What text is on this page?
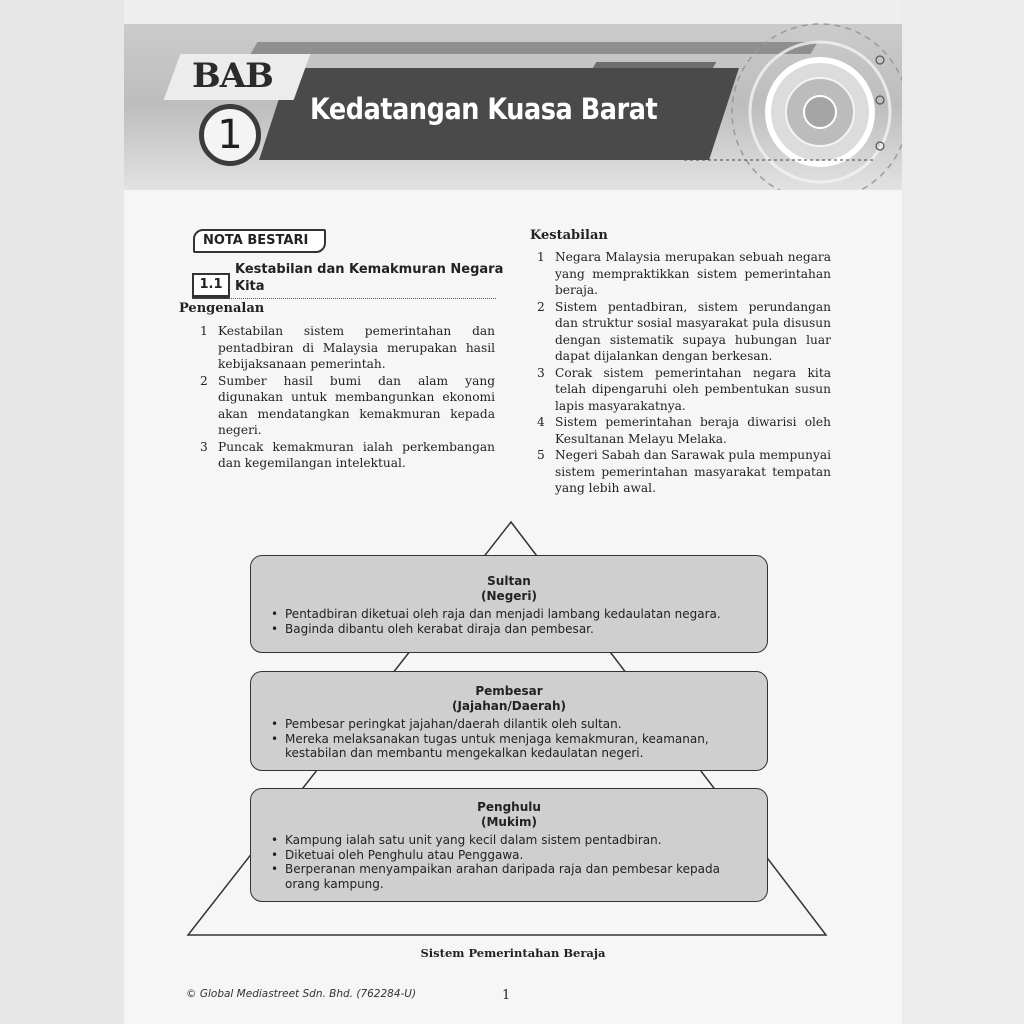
BAB
1
Kedatangan Kuasa Barat
NOTA BESTARI
1.1
Kestabilan dan Kemakmuran Negara Kita
Pengenalan
1 Kestabilan sistem pemerintahan dan pentadbiran di Malaysia merupakan hasil kebijaksanaan pemerintah.
2 Sumber hasil bumi dan alam yang digunakan untuk membangunkan ekonomi akan mendatangkan kemakmuran kepada negeri.
3 Puncak kemakmuran ialah perkembangan dan kegemilangan intelektual.
Kestabilan
1 Negara Malaysia merupakan sebuah negara yang mempraktikkan sistem pemerintahan beraja.
2 Sistem pentadbiran, sistem perundangan dan struktur sosial masyarakat pula disusun dengan sistematik supaya hubungan luar dapat dijalankan dengan berkesan.
3 Corak sistem pemerintahan negara kita telah dipengaruhi oleh pembentukan susun lapis masyarakatnya.
4 Sistem pemerintahan beraja diwarisi oleh Kesultanan Melayu Melaka.
5 Negeri Sabah dan Sarawak pula mempunyai sistem pemerintahan masyarakat tempatan yang lebih awal.
Sultan
(Negeri)
• Pentadbiran diketuai oleh raja dan menjadi lambang kedaulatan negara.
• Baginda dibantu oleh kerabat diraja dan pembesar.
Pembesar
(Jajahan/Daerah)
• Pembesar peringkat jajahan/daerah dilantik oleh sultan.
• Mereka melaksanakan tugas untuk menjaga kemakmuran, keamanan, kestabilan dan membantu mengekalkan kedaulatan negeri.
Penghulu
(Mukim)
• Kampung ialah satu unit yang kecil dalam sistem pentadbiran.
• Diketuai oleh Penghulu atau Penggawa.
• Berperanan menyampaikan arahan daripada raja dan pembesar kepada orang kampung.
Sistem Pemerintahan Beraja
© Global Mediastreet Sdn. Bhd. (762284-U)	1
